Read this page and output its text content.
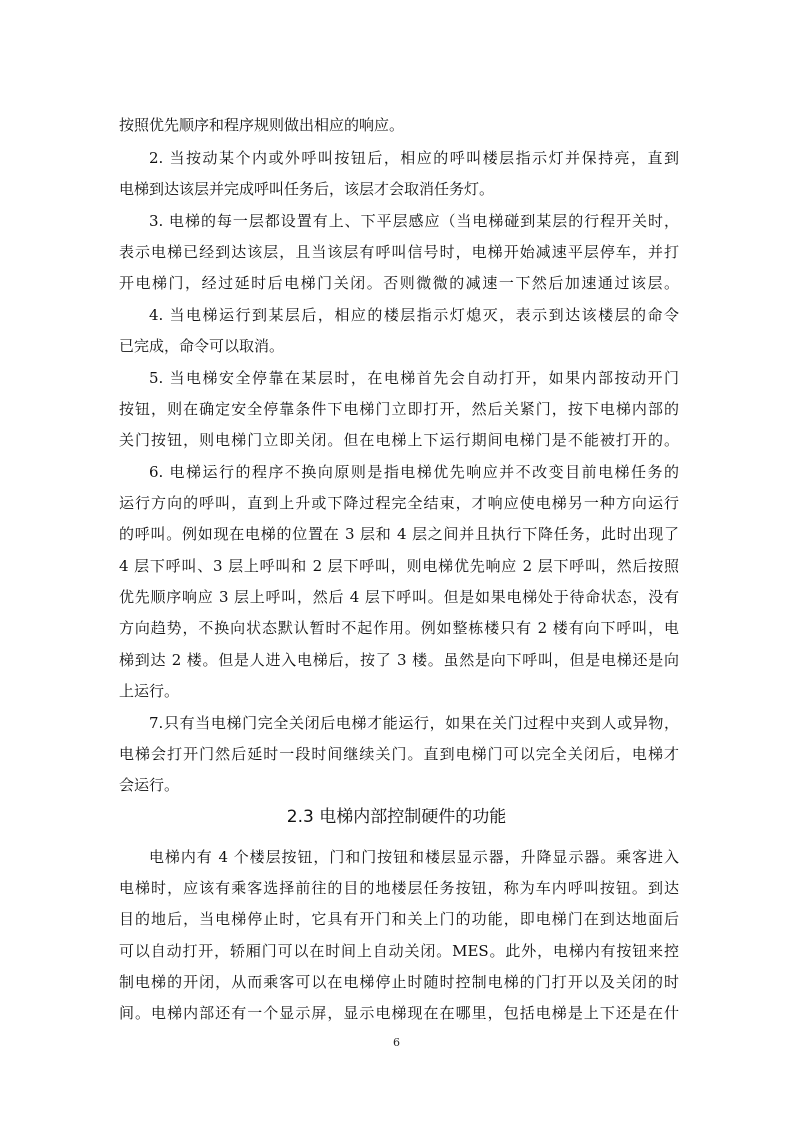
按照优先顺序和程序规则做出相应的响应。
2. 当按动某个内或外呼叫按钮后，相应的呼叫楼层指示灯并保持亮，直到
电梯到达该层并完成呼叫任务后，该层才会取消任务灯。
3. 电梯的每一层都设置有上、下平层感应（当电梯碰到某层的行程开关时，
表示电梯已经到达该层，且当该层有呼叫信号时，电梯开始减速平层停车，并打
开电梯门，经过延时后电梯门关闭。否则微微的减速一下然后加速通过该层。
4. 当电梯运行到某层后，相应的楼层指示灯熄灭，表示到达该楼层的命令
已完成，命令可以取消。
5. 当电梯安全停靠在某层时，在电梯首先会自动打开，如果内部按动开门
按钮，则在确定安全停靠条件下电梯门立即打开，然后关紧门，按下电梯内部的
关门按钮，则电梯门立即关闭。但在电梯上下运行期间电梯门是不能被打开的。
6. 电梯运行的程序不换向原则是指电梯优先响应并不改变目前电梯任务的
运行方向的呼叫，直到上升或下降过程完全结束，才响应使电梯另一种方向运行
的呼叫。例如现在电梯的位置在 3 层和 4 层之间并且执行下降任务，此时出现了
4 层下呼叫、3 层上呼叫和 2 层下呼叫，则电梯优先响应 2 层下呼叫，然后按照
优先顺序响应 3 层上呼叫，然后 4 层下呼叫。但是如果电梯处于待命状态，没有
方向趋势，不换向状态默认暂时不起作用。例如整栋楼只有 2 楼有向下呼叫，电
梯到达 2 楼。但是人进入电梯后，按了 3 楼。虽然是向下呼叫，但是电梯还是向
上运行。
7.只有当电梯门完全关闭后电梯才能运行，如果在关门过程中夹到人或异物，
电梯会打开门然后延时一段时间继续关门。直到电梯门可以完全关闭后，电梯才
会运行。
2.3 电梯内部控制硬件的功能
电梯内有 4 个楼层按钮，门和门按钮和楼层显示器，升降显示器。乘客进入
电梯时，应该有乘客选择前往的目的地楼层任务按钮，称为车内呼叫按钮。到达
目的地后，当电梯停止时，它具有开门和关上门的功能，即电梯门在到达地面后
可以自动打开，轿厢门可以在时间上自动关闭。MES。此外，电梯内有按钮来控
制电梯的开闭，从而乘客可以在电梯停止时随时控制电梯的门打开以及关闭的时
间。电梯内部还有一个显示屏，显示电梯现在在哪里，包括电梯是上下还是在什
6
